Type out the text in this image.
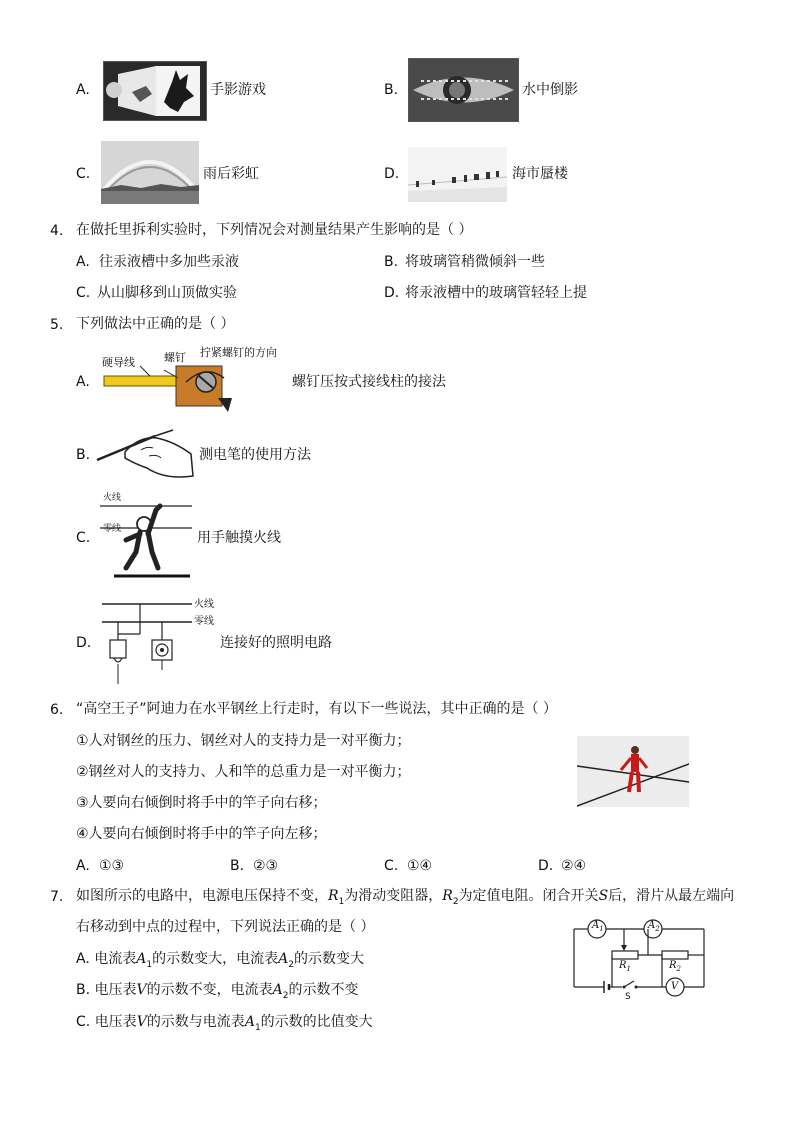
A.	手影游戏	B.	水中倒影
C.	雨后彩虹	D.	海市蜃楼
4. 在做托里拆利实验时，下列情况会对测量结果产生影响的是（ ）
A. 往汞液槽中多加些汞液	B. 将玻璃管稍微倾斜一些
C. 从山脚移到山顶做实验	D. 将汞液槽中的玻璃管轻轻上提
5. 下列做法中正确的是（ ）
A.
硬导线	螺钉 拧紧螺钉的方向
螺钉压按式接线柱的接法
B.	测电笔的使用方法
C.
火线
零线
用手触摸火线
D.
火线
零线
连接好的照明电路
6. “高空王子”阿迪力在水平钢丝上行走时，有以下一些说法，其中正确的是（ ）
①人对钢丝的压力、钢丝对人的支持力是一对平衡力；
②钢丝对人的支持力、人和竿的总重力是一对平衡力；
③人要向右倾倒时将手中的竿子向右移；
④人要向右倾倒时将手中的竿子向左移；
A. ①③	B. ②③	C. ①④	D. ②④
7. 如图所示的电路中，电源电压保持不变，$R_1$为滑动变阻器，$R_2$为定值电阻。闭合开关S后，滑片从最左端向
右移动到中点的过程中，下列说法正确的是（ ）
A. 电流表$A_1$的示数变大，电流表$A_2$的示数变大
B. 电压表V的示数不变，电流表$A_2$的示数不变
C. 电压表V的示数与电流表$A_1$的示数的比值变大
$A_1$	$A_2$
$R_1$	$R_2$
S
V
